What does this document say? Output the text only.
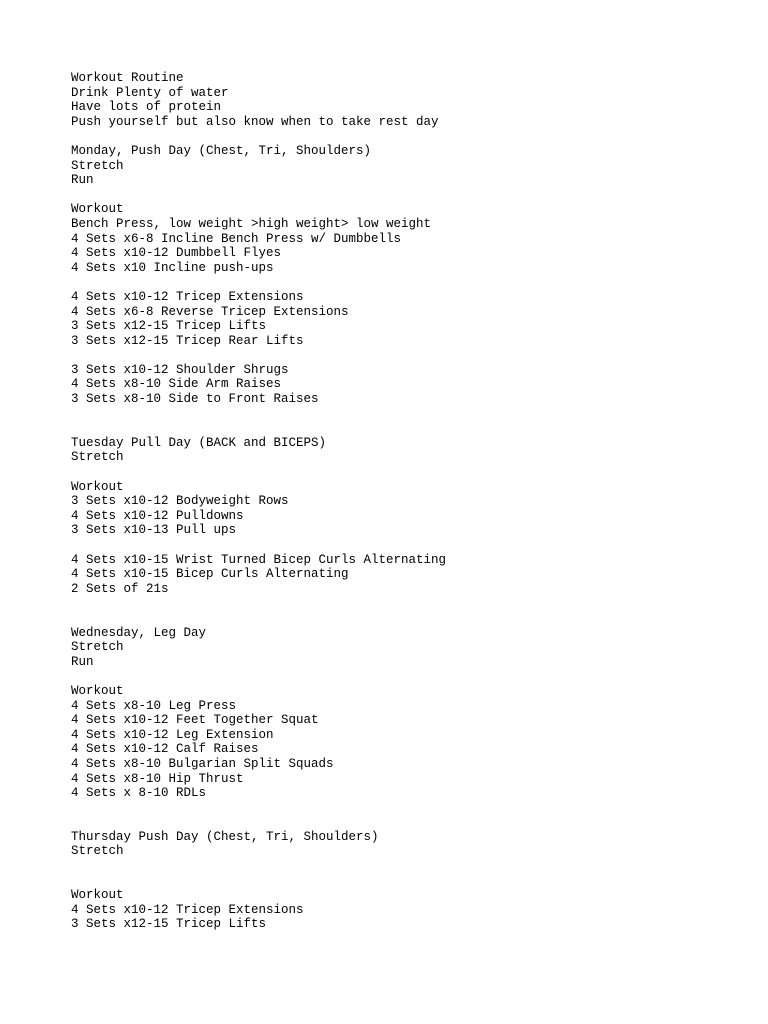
Workout Routine
Drink Plenty of water
Have lots of protein
Push yourself but also know when to take rest day
Monday, Push Day (Chest, Tri, Shoulders)
Stretch
Run
Workout
Bench Press, low weight >high weight> low weight
4 Sets x6-8 Incline Bench Press w/ Dumbbells
4 Sets x10-12 Dumbbell Flyes
4 Sets x10 Incline push-ups
4 Sets x10-12 Tricep Extensions
4 Sets x6-8 Reverse Tricep Extensions
3 Sets x12-15 Tricep Lifts
3 Sets x12-15 Tricep Rear Lifts
3 Sets x10-12 Shoulder Shrugs
4 Sets x8-10 Side Arm Raises
3 Sets x8-10 Side to Front Raises
Tuesday Pull Day (BACK and BICEPS)
Stretch
Workout
3 Sets x10-12 Bodyweight Rows
4 Sets x10-12 Pulldowns
3 Sets x10-13 Pull ups
4 Sets x10-15 Wrist Turned Bicep Curls Alternating
4 Sets x10-15 Bicep Curls Alternating
2 Sets of 21s
Wednesday, Leg Day
Stretch
Run
Workout
4 Sets x8-10 Leg Press
4 Sets x10-12 Feet Together Squat
4 Sets x10-12 Leg Extension
4 Sets x10-12 Calf Raises
4 Sets x8-10 Bulgarian Split Squads
4 Sets x8-10 Hip Thrust
4 Sets x 8-10 RDLs
Thursday Push Day (Chest, Tri, Shoulders)
Stretch
Workout
4 Sets x10-12 Tricep Extensions
3 Sets x12-15 Tricep Lifts
